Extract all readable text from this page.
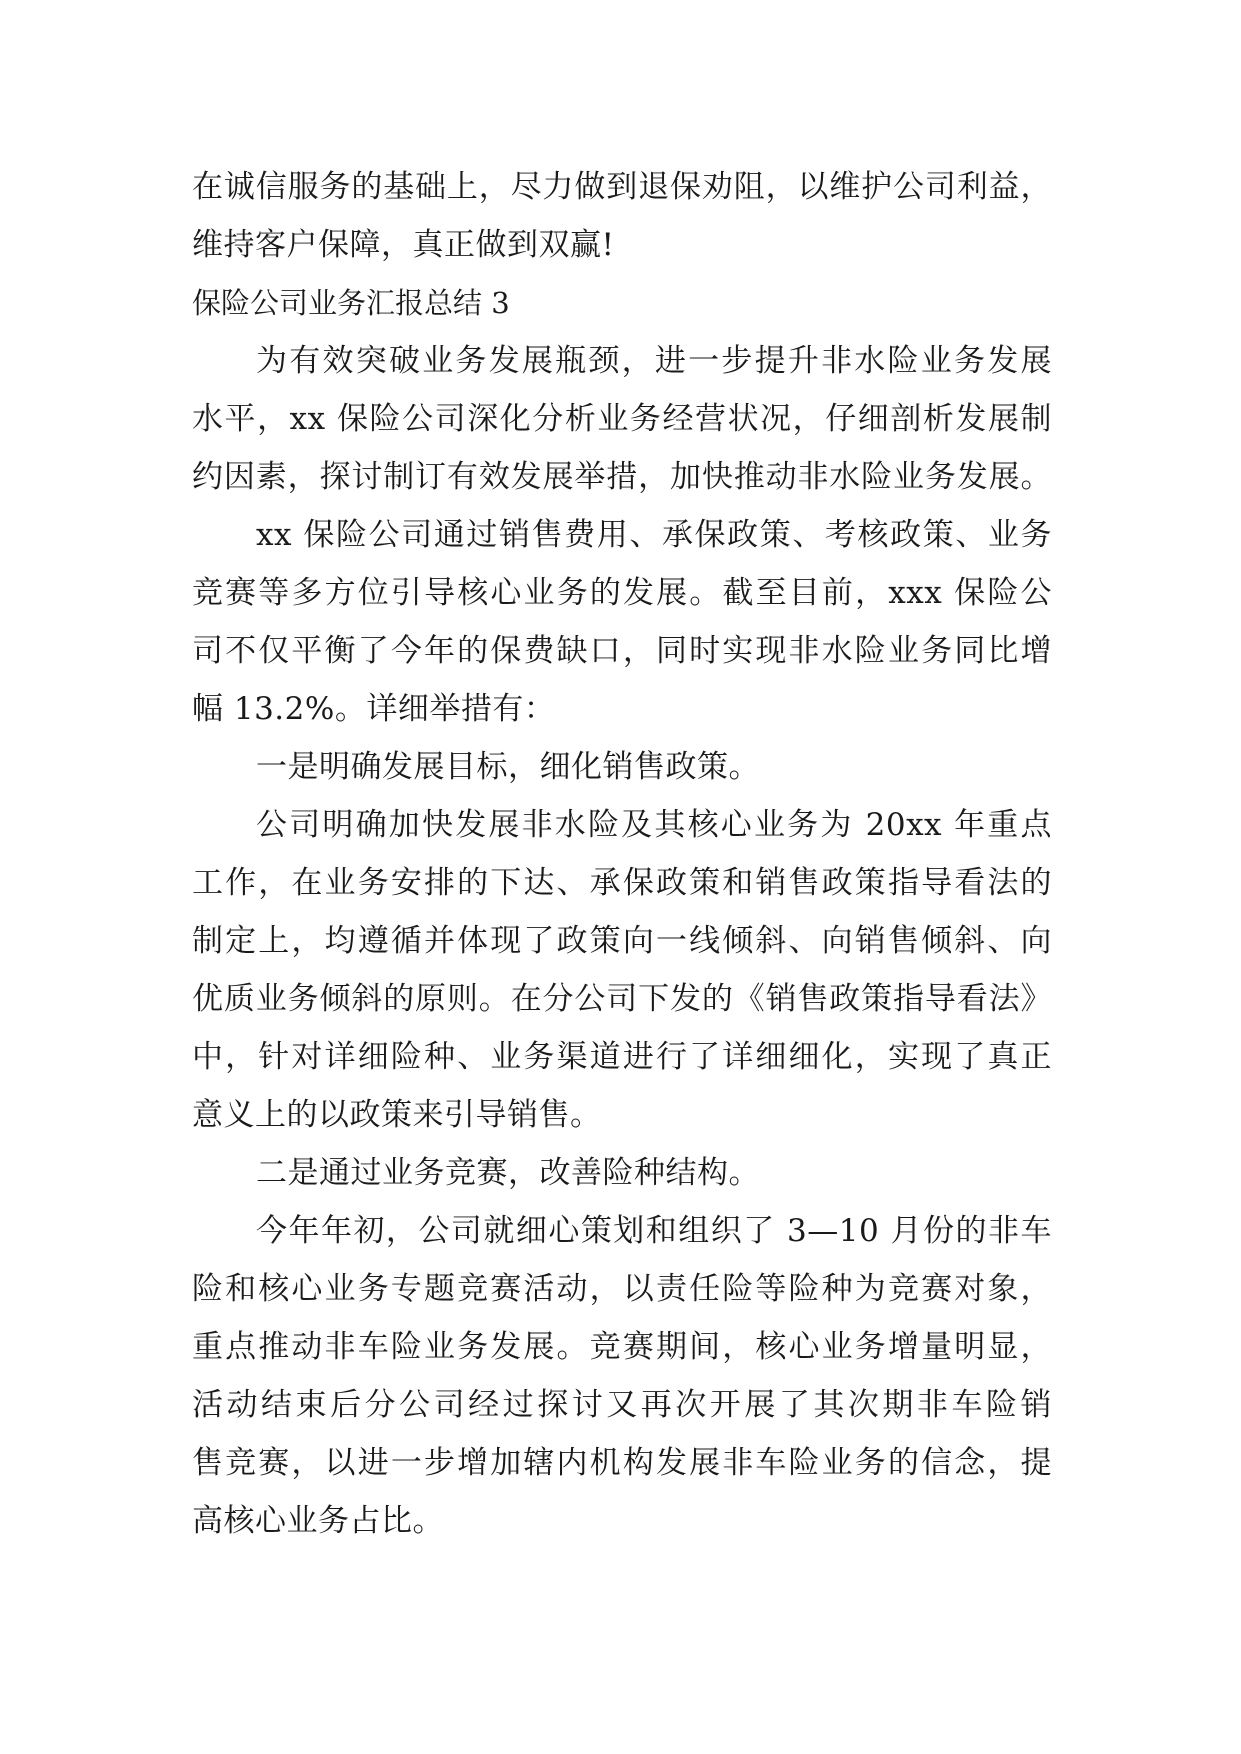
在诚信服务的基础上，尽力做到退保劝阻，以维护公司利益，
维持客户保障，真正做到双赢!
保险公司业务汇报总结 3
为有效突破业务发展瓶颈，进一步提升非水险业务发展
水平，xx 保险公司深化分析业务经营状况，仔细剖析发展制
约因素，探讨制订有效发展举措，加快推动非水险业务发展。
xx 保险公司通过销售费用、承保政策、考核政策、业务
竞赛等多方位引导核心业务的发展。截至目前，xxx 保险公
司不仅平衡了今年的保费缺口，同时实现非水险业务同比增
幅 13.2%。详细举措有：
一是明确发展目标，细化销售政策。
公司明确加快发展非水险及其核心业务为 20xx 年重点
工作，在业务安排的下达、承保政策和销售政策指导看法的
制定上，均遵循并体现了政策向一线倾斜、向销售倾斜、向
优质业务倾斜的原则。在分公司下发的《销售政策指导看法》
中，针对详细险种、业务渠道进行了详细细化，实现了真正
意义上的以政策来引导销售。
二是通过业务竞赛，改善险种结构。
今年年初，公司就细心策划和组织了 3—10 月份的非车
险和核心业务专题竞赛活动，以责任险等险种为竞赛对象，
重点推动非车险业务发展。竞赛期间，核心业务增量明显，
活动结束后分公司经过探讨又再次开展了其次期非车险销
售竞赛，以进一步增加辖内机构发展非车险业务的信念，提
高核心业务占比。
